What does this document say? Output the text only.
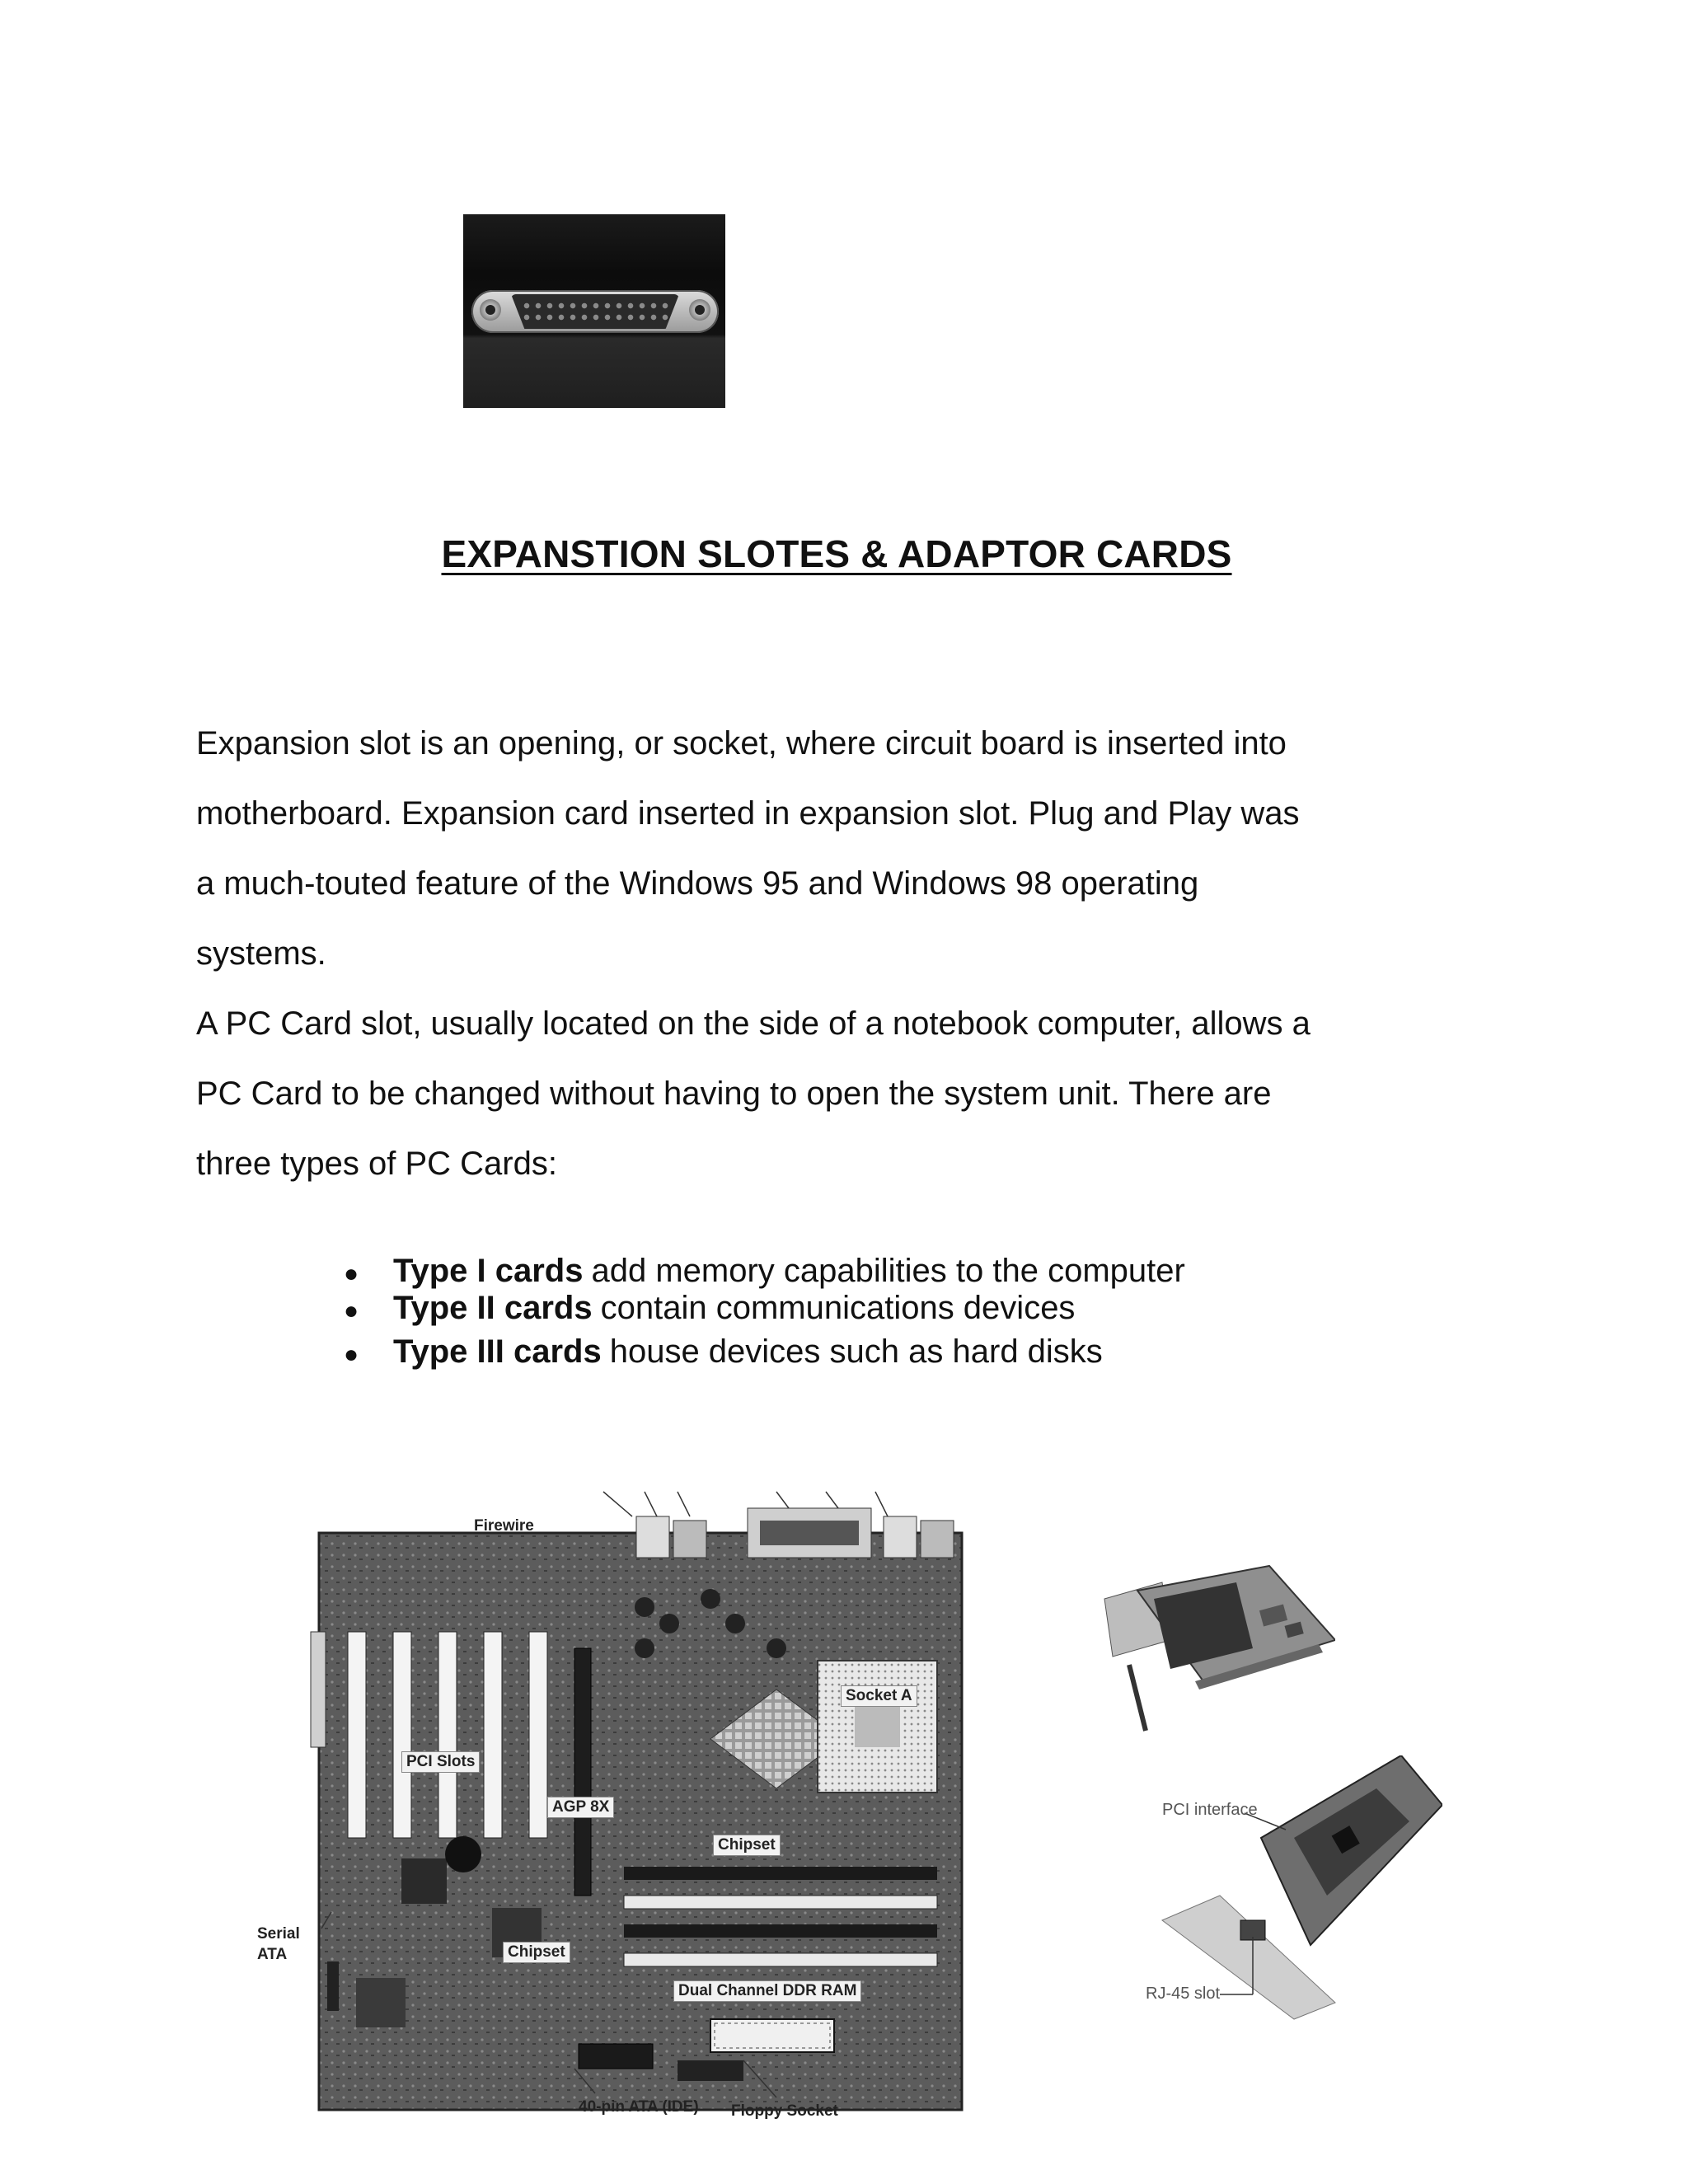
EXPANSTION SLOTES & ADAPTOR CARDS
Expansion slot is an opening, or socket, where circuit board is inserted into
motherboard. Expansion card inserted in expansion slot. Plug and Play was
a much-touted feature of the Windows 95 and Windows 98 operating
systems.
A PC Card slot, usually located on the side of a notebook computer, allows a
PC Card to be changed without having to open the system unit. There are
three types of PC Cards:
●	Type I cards add memory capabilities to the computer
●	Type II cards contain communications devices
●	Type III cards house devices such as hard disks
Firewire
Socket A
PCI Slots
AGP 8X
Chipset
Chipset
Serial
ATA
Dual Channel DDR RAM
40-pin ATA (IDE) Floppy Socket
PCI interface
RJ-45 slot
